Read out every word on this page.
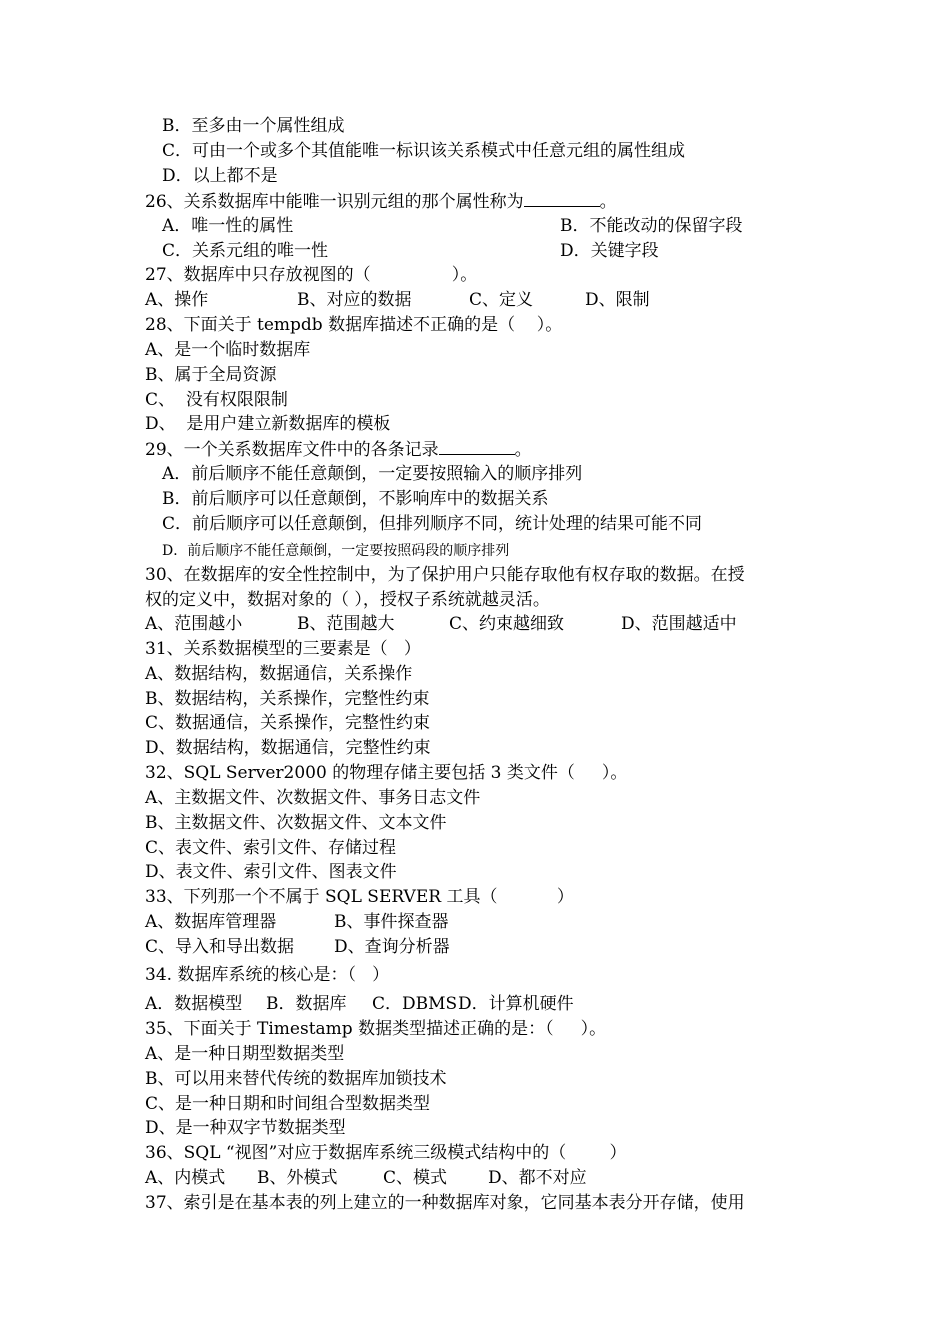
B．至多由一个属性组成
C．可由一个或多个其值能唯一标识该关系模式中任意元组的属性组成
D．以上都不是
26、关系数据库中能唯一识别元组的那个属性称为	。
A．唯一性的属性	B．不能改动的保留字段
C．关系元组的唯一性	D．关键字段
27、数据库中只存放视图的（               ）。
A、操作	B、对应的数据	C、定义	D、限制
28、下面关于 tempdb 数据库描述不正确的是（    ）。
A、是一个临时数据库
B、属于全局资源
C、  没有权限限制
D、  是用户建立新数据库的模板
29、一个关系数据库文件中的各条记录	。
A．前后顺序不能任意颠倒，一定要按照输入的顺序排列
B．前后顺序可以任意颠倒，不影响库中的数据关系
C．前后顺序可以任意颠倒，但排列顺序不同，统计处理的结果可能不同
D．前后顺序不能任意颠倒，一定要按照码段的顺序排列
30、在数据库的安全性控制中，为了保护用户只能存取他有权存取的数据。在授
权的定义中，数据对象的（ ），授权子系统就越灵活。
A、范围越小	B、范围越大	C、约束越细致	D、范围越适中
31、关系数据模型的三要素是（   ）
A、数据结构，数据通信，关系操作
B、数据结构，关系操作，完整性约束
C、数据通信，关系操作，完整性约束
D、数据结构，数据通信，完整性约束
32、SQL Server2000 的物理存储主要包括 3 类文件（     ）。
A、主数据文件、次数据文件、事务日志文件
B、主数据文件、次数据文件、文本文件
C、表文件、索引文件、存储过程
D、表文件、索引文件、图表文件
33、下列那一个不属于 SQL SERVER 工具（           ）
A、数据库管理器	B、事件探查器
C、导入和导出数据 D、查询分析器
34. 数据库系统的核心是：（   ）
A．数据模型 B．数据库 C．DBMS D．计算机硬件
35、下面关于 Timestamp 数据类型描述正确的是：（     ）。
A、是一种日期型数据类型
B、可以用来替代传统的数据库加锁技术
C、是一种日期和时间组合型数据类型
D、是一种双字节数据类型
36、SQL “视图”对应于数据库系统三级模式结构中的（        ）
A、内模式 B、外模式	C、模式 D、都不对应
37、索引是在基本表的列上建立的一种数据库对象，它同基本表分开存储，使用
